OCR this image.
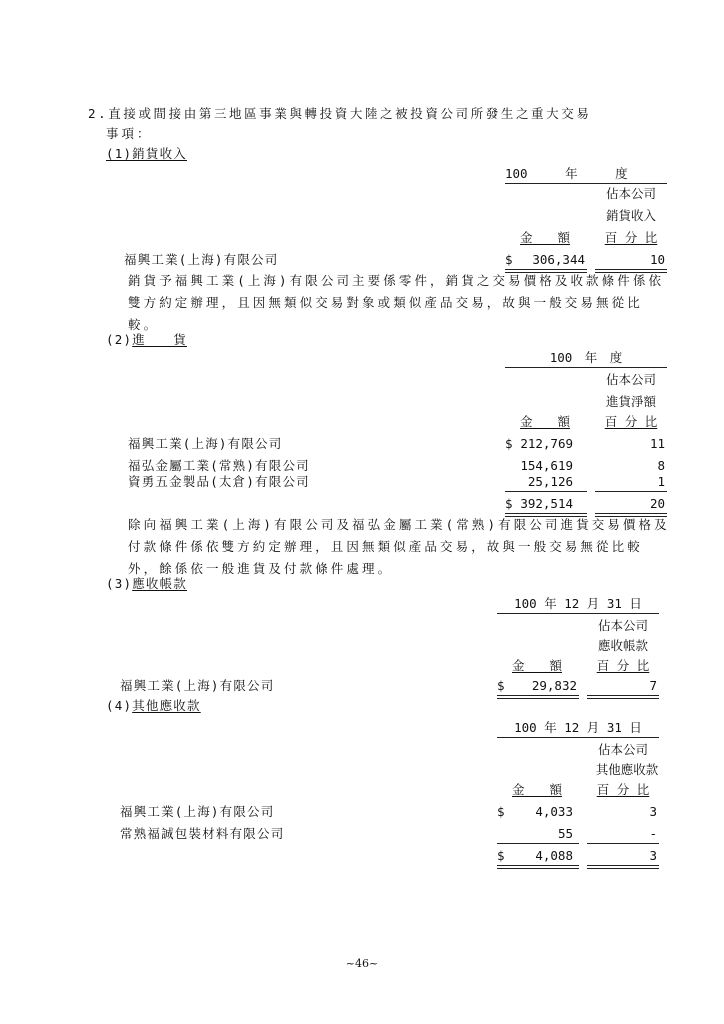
2.直接或間接由第三地區事業與轉投資大陸之被投資公司所發生之重大交易
事項：
(1)銷貨收入
100　　　年　　　度
佔本公司
銷貨收入
金　　額	百 分 比
福興工業(上海)有限公司	$	306,344	10
銷貨予福興工業(上海)有限公司主要係零件，銷貨之交易價格及收款條件係依雙方約定辦理，且因無類似交易對象或類似產品交易，故與一般交易無從比較。
(2)進　　貨
100　年　度
佔本公司
進貨淨額
金　　額	百 分 比
福興工業(上海)有限公司	$ 212,769	11
福弘金屬工業(常熟)有限公司	154,619	8
資勇五金製品(太倉)有限公司	25,126	1
$ 392,514	20
除向福興工業(上海)有限公司及福弘金屬工業(常熟)有限公司進貨交易價格及付款條件係依雙方約定辦理，且因無類似產品交易，故與一般交易無從比較外，餘係依一般進貨及付款條件處理。
(3)應收帳款
100 年 12 月 31 日
佔本公司
應收帳款
金　　額	百 分 比
福興工業(上海)有限公司	$	29,832	7
(4)其他應收款
100 年 12 月 31 日
佔本公司
其他應收款
金　　額	百 分 比
福興工業(上海)有限公司	$	4,033	3
常熟福誠包裝材料有限公司	55	-
$	4,088	3
~46~
